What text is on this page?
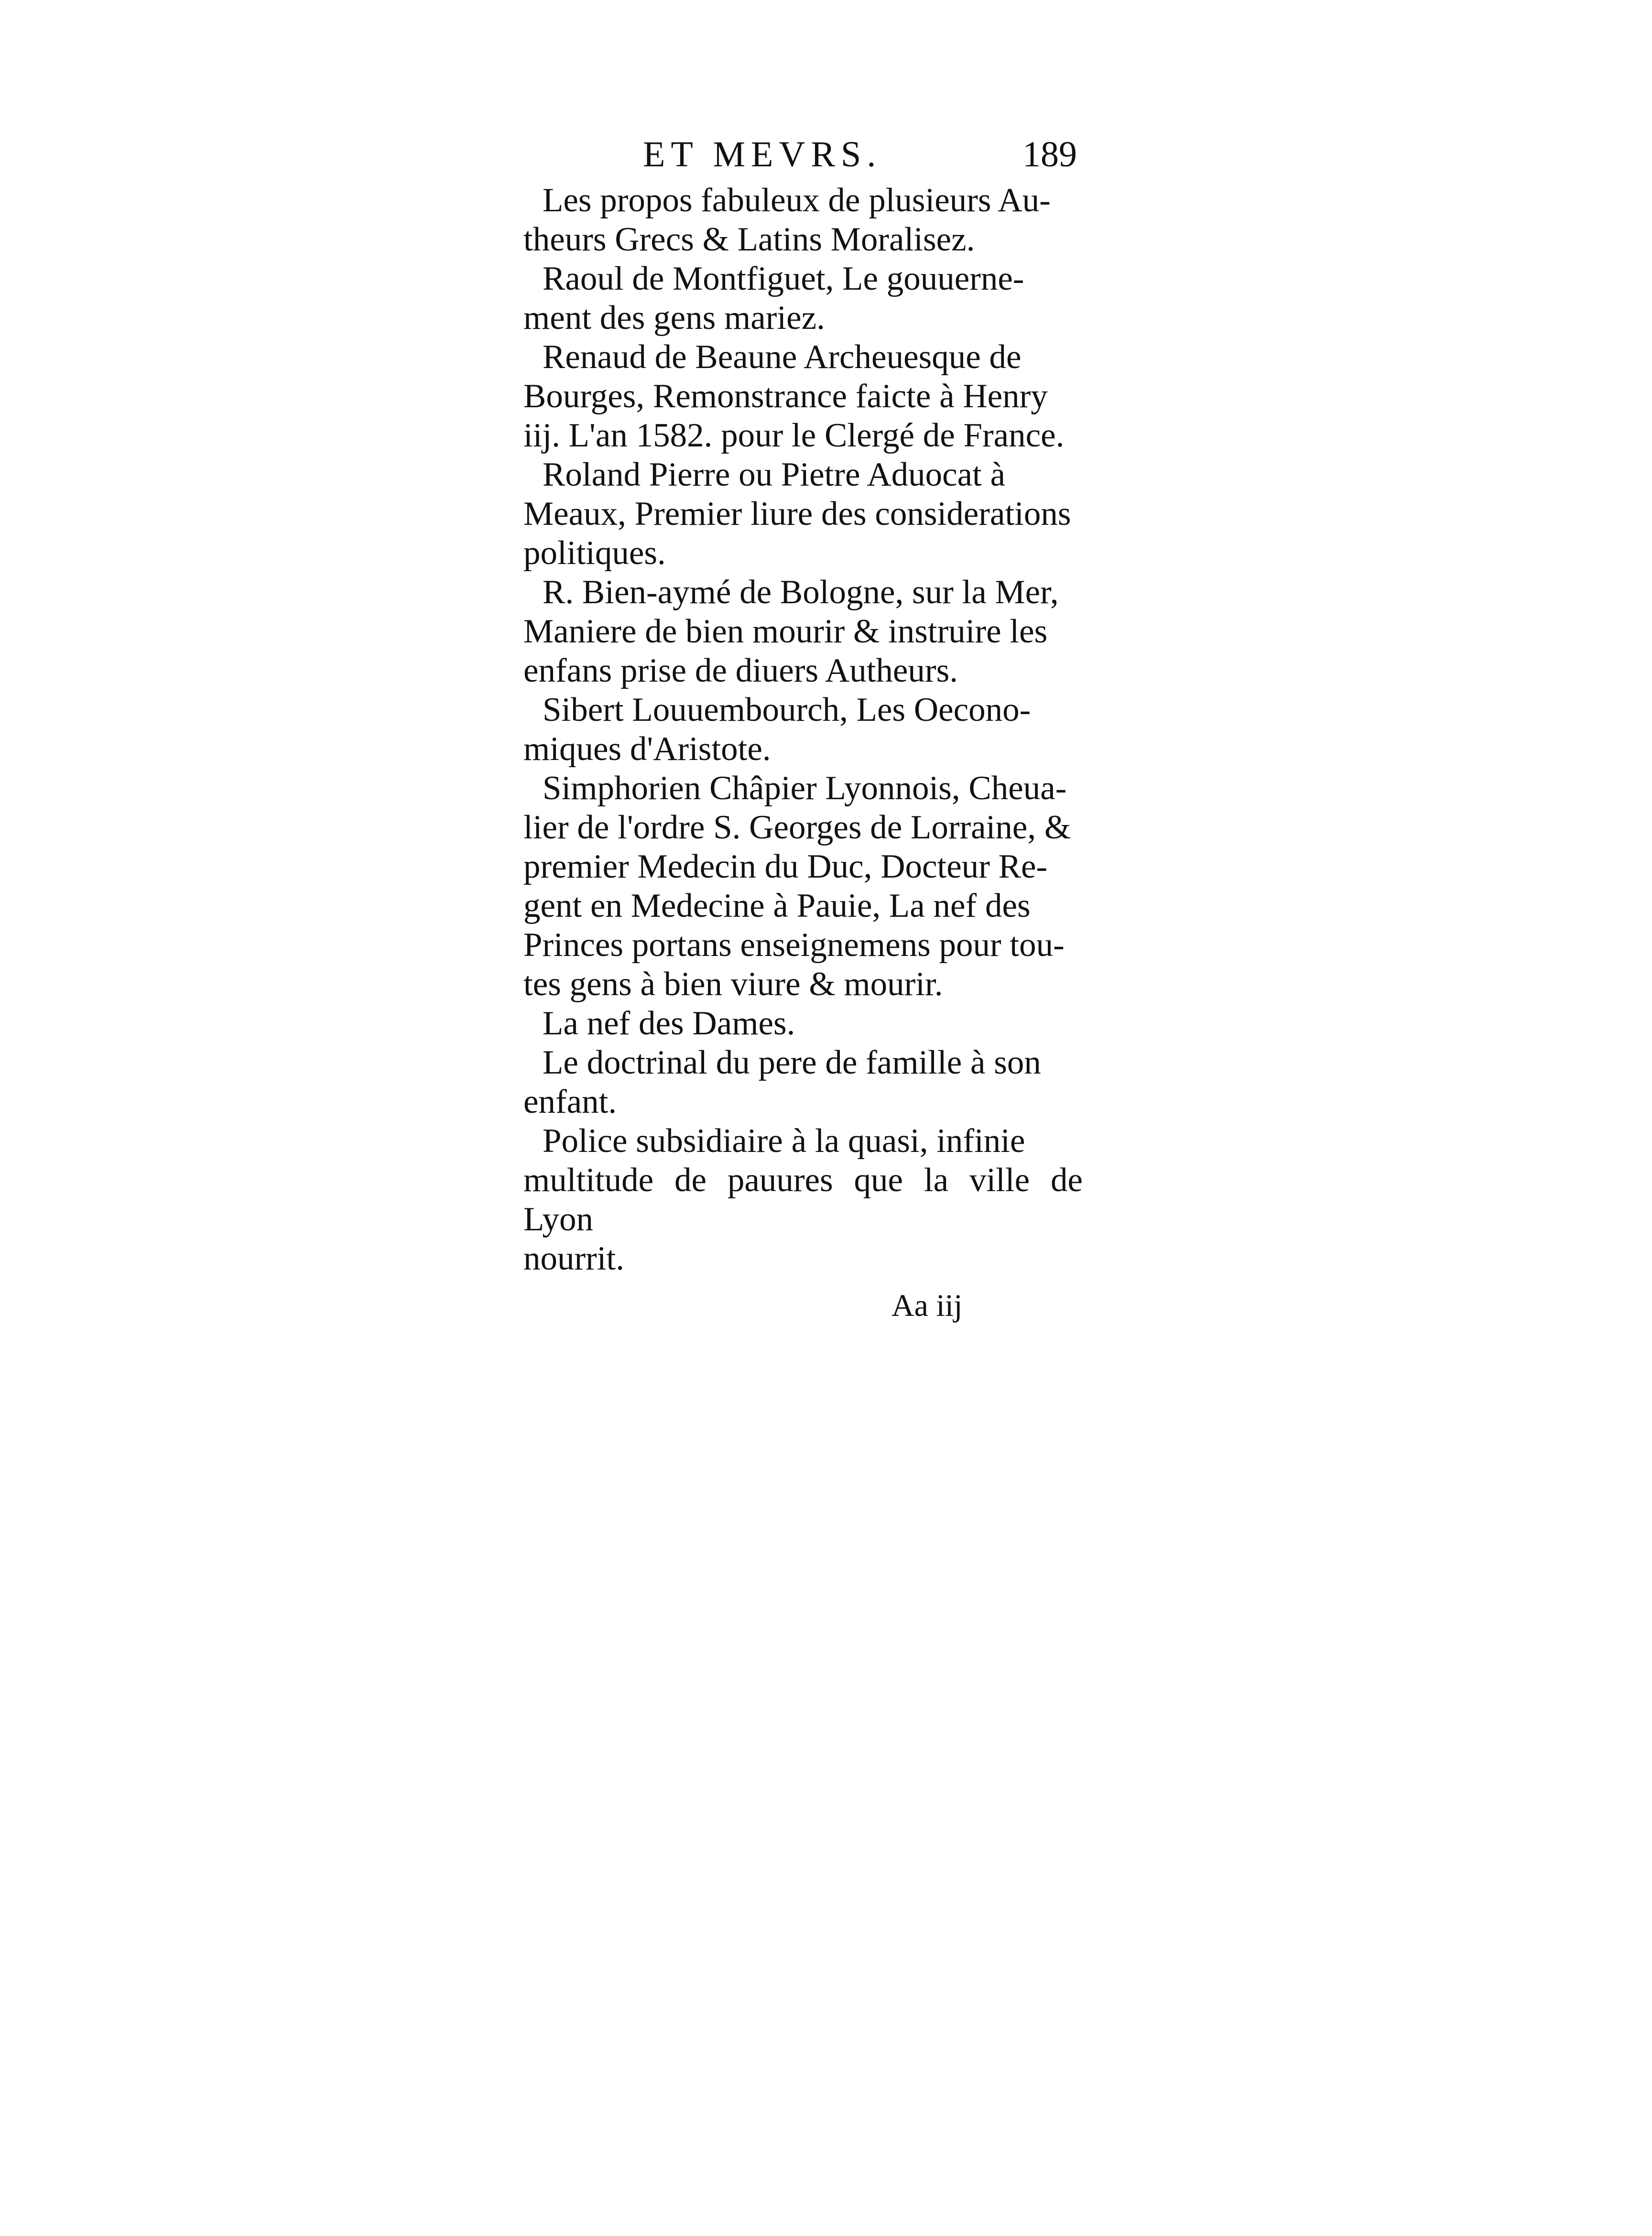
ET MEVRS.	189

Les propos fabuleux de plusieurs Au-
theurs Grecs & Latins Moralisez.

Raoul de Montfiguet, Le gouuerne-
ment des gens mariez.

Renaud de Beaune Archeuesque de
Bourges, Remonstrance faicte à Henry
iij. L'an 1582. pour le Clergé de France.

Roland Pierre ou Pietre Aduocat à
Meaux, Premier liure des considerations
politiques.

R. Bien-aymé de Bologne, sur la Mer,
Maniere de bien mourir & instruire les
enfans prise de diuers Autheurs.

Sibert Louuembourch, Les Oecono-
miques d'Aristote.

Simphorien Châpier Lyonnois, Cheua-
lier de l'ordre S. Georges de Lorraine, &
premier Medecin du Duc, Docteur Re-
gent en Medecine à Pauie, La nef des
Princes portans enseignemens pour tou-
tes gens à bien viure & mourir.

La nef des Dames.

Le doctrinal du pere de famille à son
enfant.

Police subsidiaire à la quasi, infinie
multitude de pauures que la ville de Lyon
nourrit.

Aa iij
